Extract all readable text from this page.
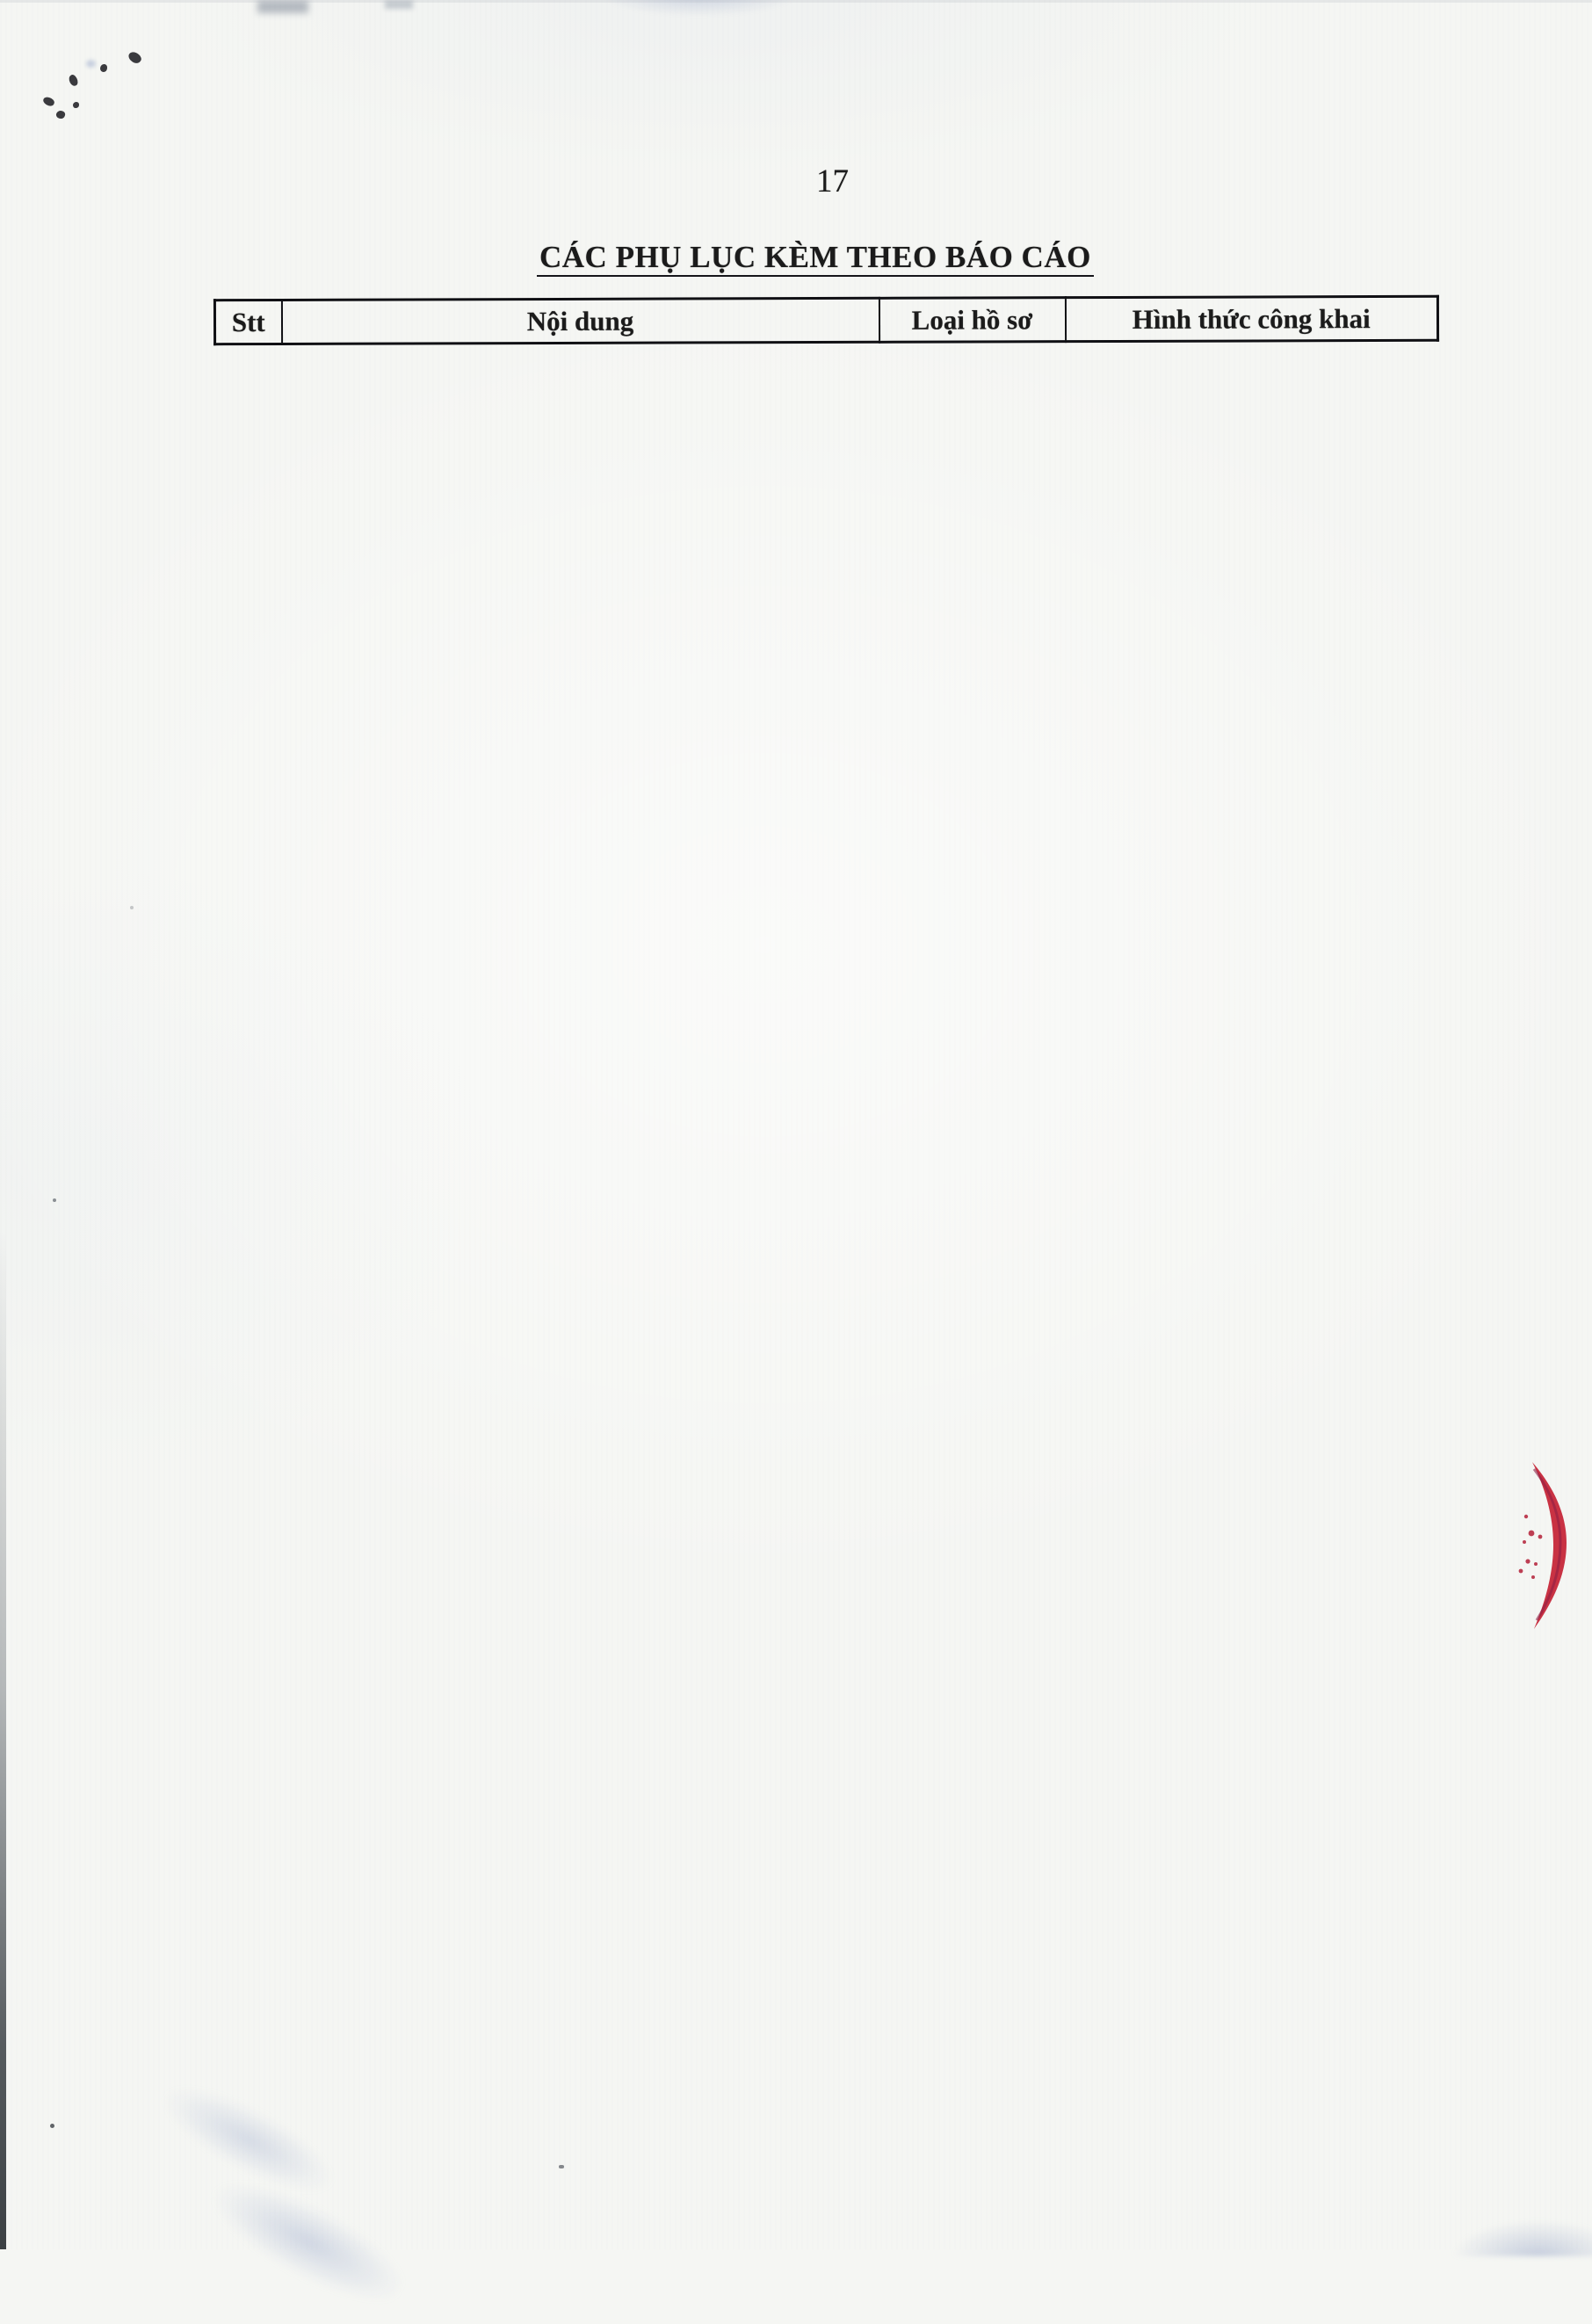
17
CÁC PHỤ LỤC KÈM THEO BÁO CÁO
Stt	Nội dung	Loại hồ sơ	Hình thức công khai
